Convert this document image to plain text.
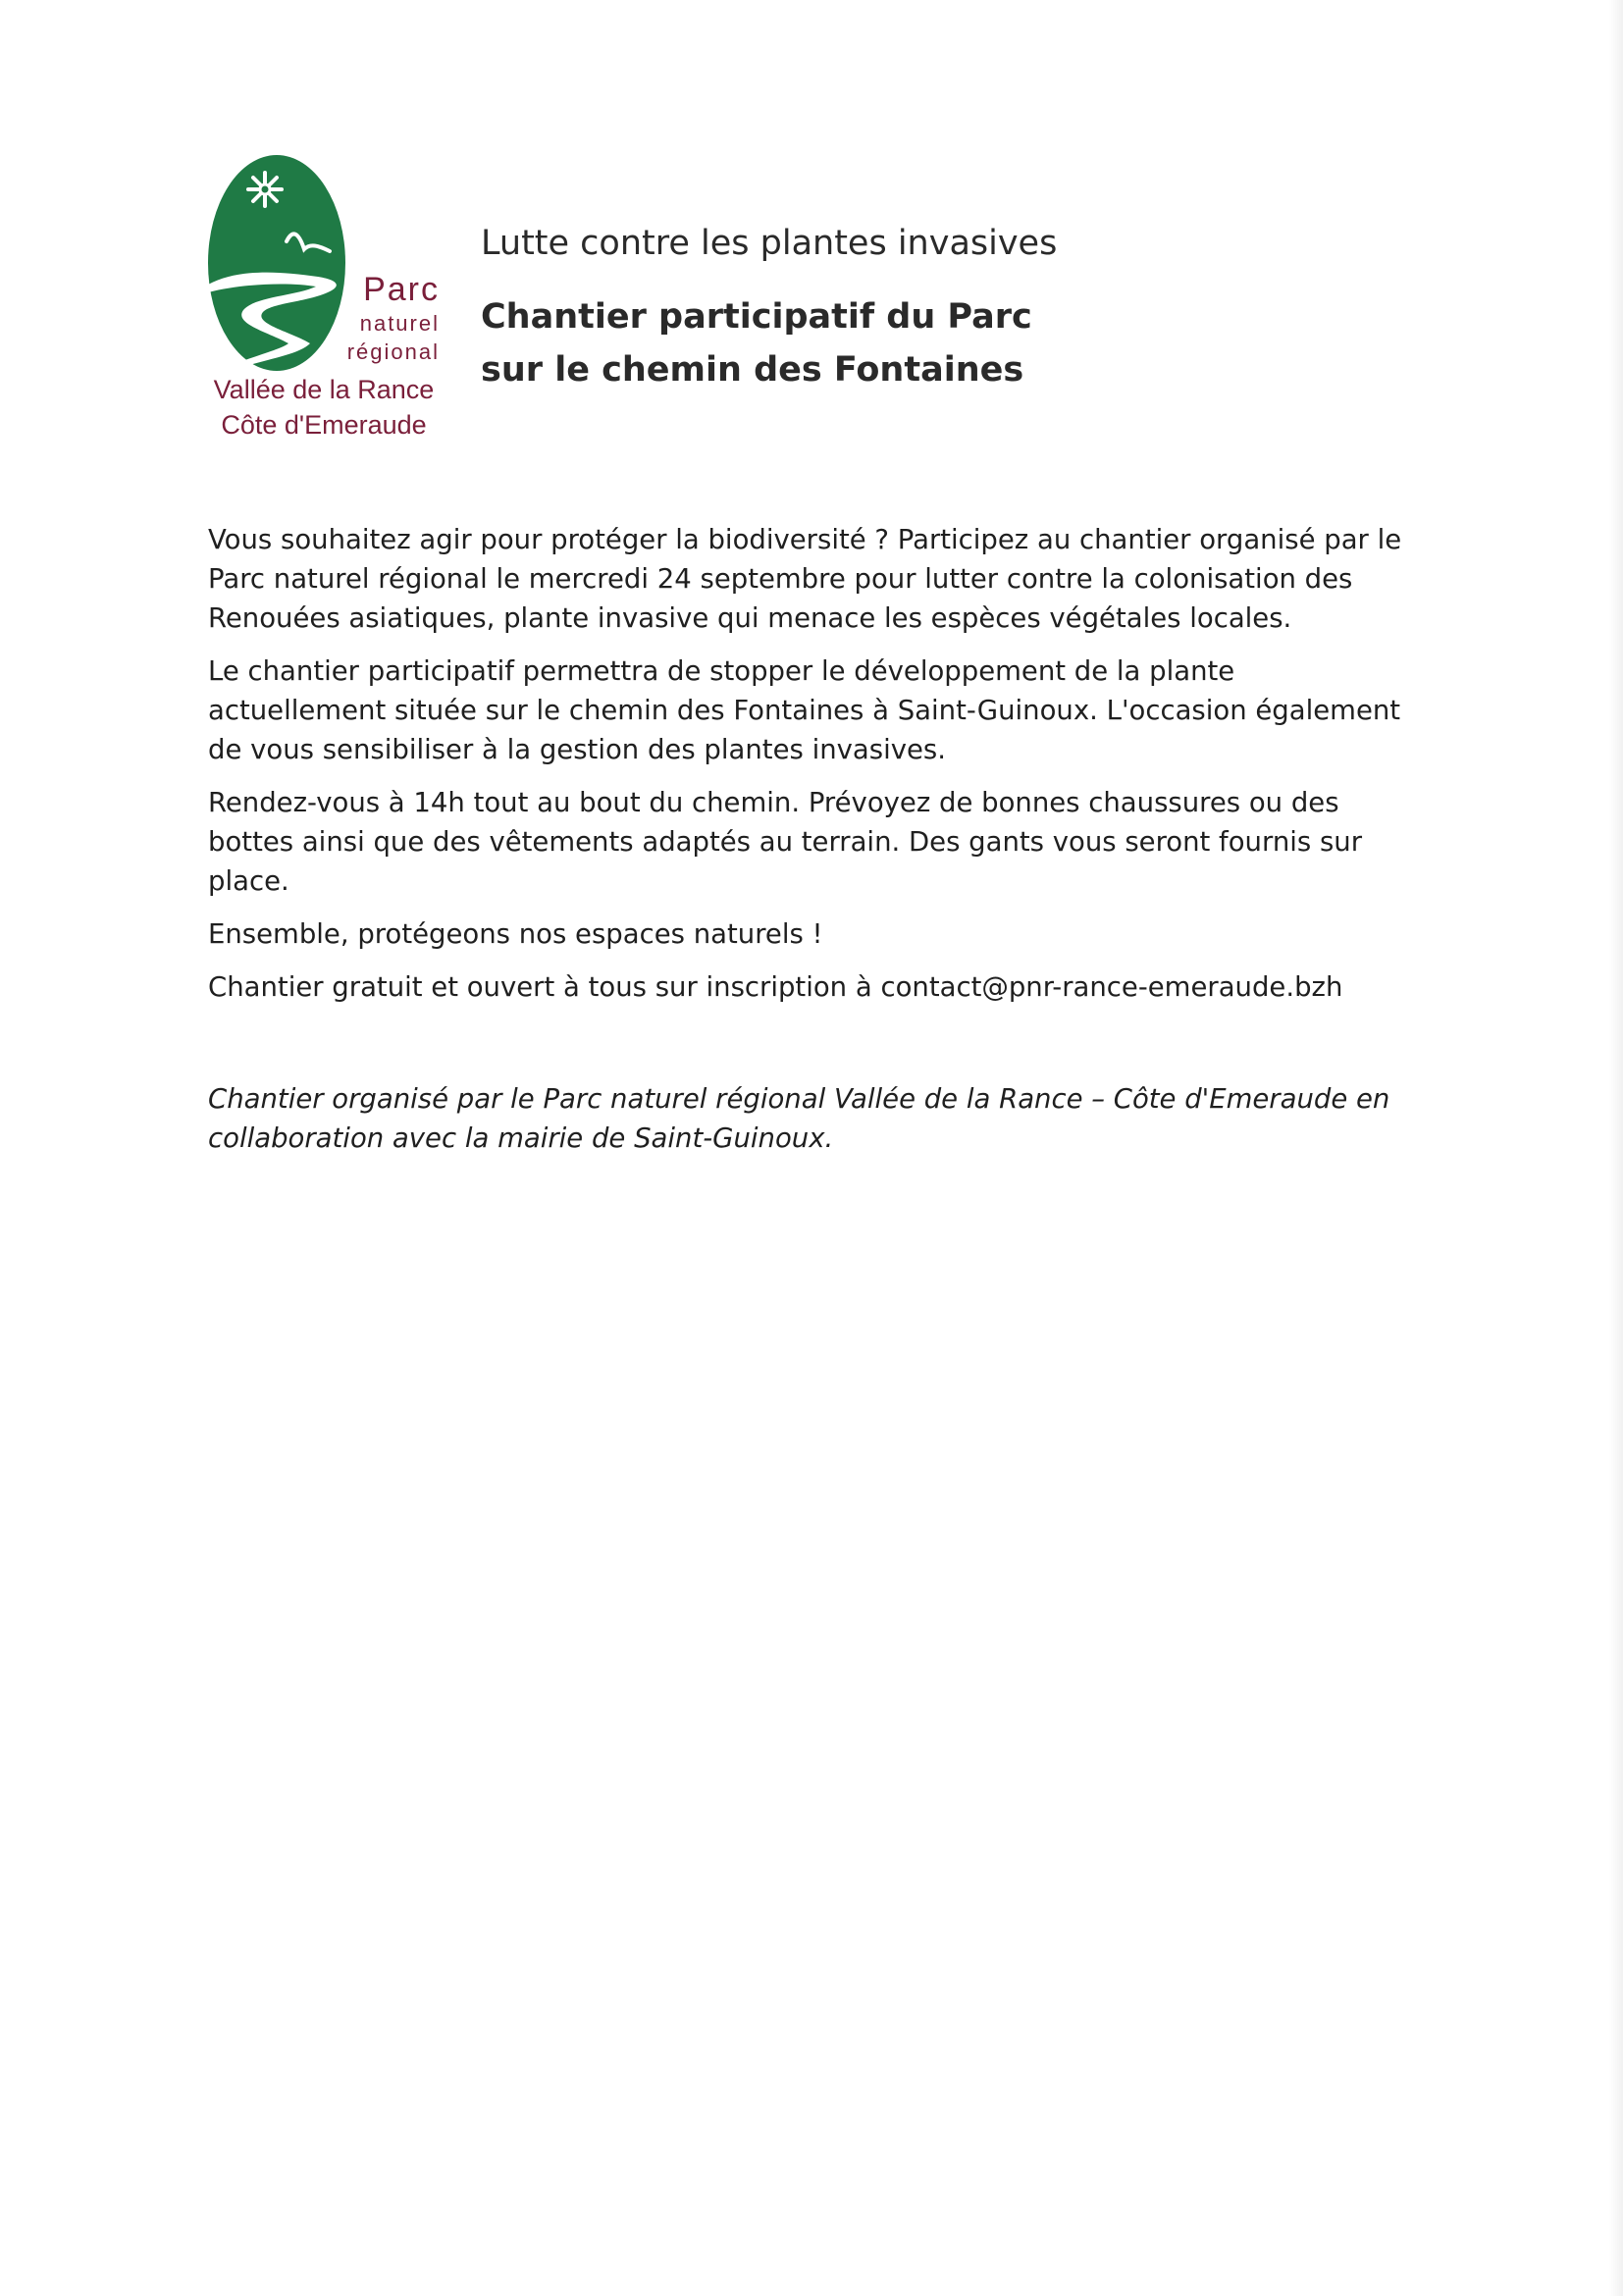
Parc
naturel
régional
Vallée de la Rance
Côte d'Emeraude
Lutte contre les plantes invasives
Chantier participatif du Parc
sur le chemin des Fontaines

Vous souhaitez agir pour protéger la biodiversité ? Participez au chantier organisé par le Parc naturel régional le mercredi 24 septembre pour lutter contre la colonisation des Renouées asiatiques, plante invasive qui menace les espèces végétales locales.

Le chantier participatif permettra de stopper le développement de la plante actuellement située sur le chemin des Fontaines à Saint-Guinoux. L'occasion également de vous sensibiliser à la gestion des plantes invasives.

Rendez-vous à 14h tout au bout du chemin. Prévoyez de bonnes chaussures ou des bottes ainsi que des vêtements adaptés au terrain. Des gants vous seront fournis sur place.

Ensemble, protégeons nos espaces naturels !

Chantier gratuit et ouvert à tous sur inscription à contact@pnr-rance-emeraude.bzh

Chantier organisé par le Parc naturel régional Vallée de la Rance – Côte d'Emeraude en collaboration avec la mairie de Saint-Guinoux.
